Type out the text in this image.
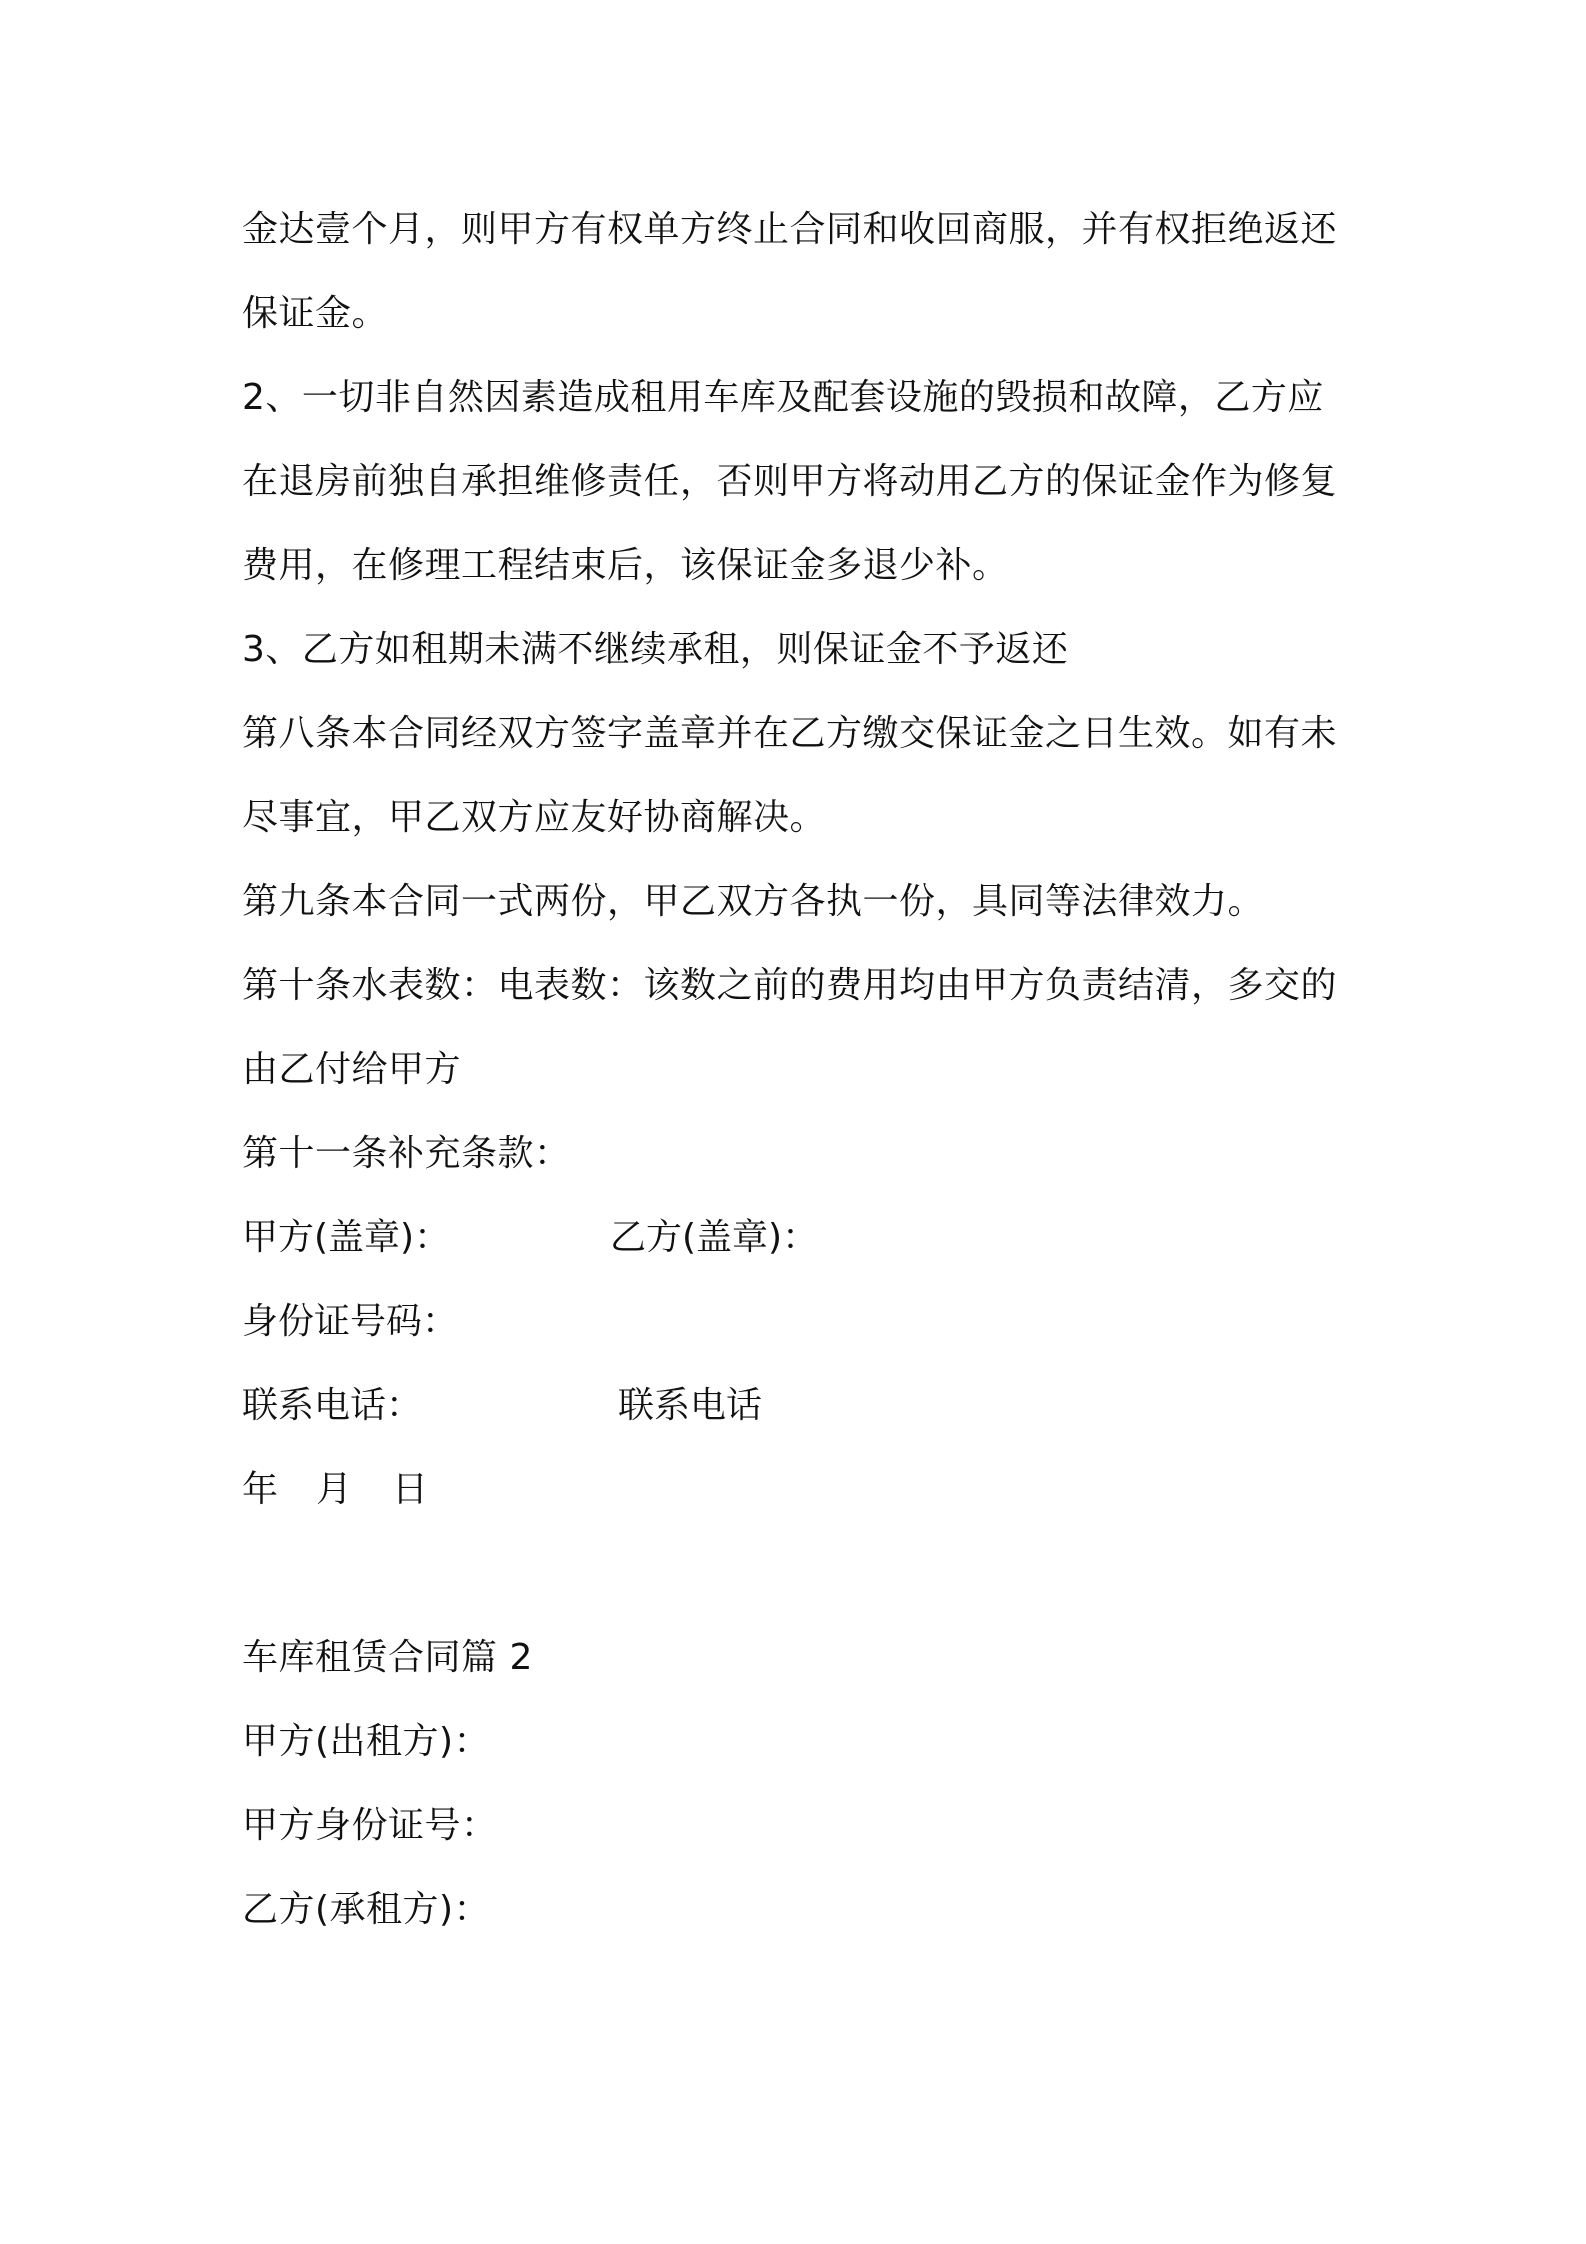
金达壹个月，则甲方有权单方终止合同和收回商服，并有权拒绝返还
保证金。
2、一切非自然因素造成租用车库及配套设施的毁损和故障，乙方应
在退房前独自承担维修责任，否则甲方将动用乙方的保证金作为修复
费用，在修理工程结束后，该保证金多退少补。
3、乙方如租期未满不继续承租，则保证金不予返还
第八条本合同经双方签字盖章并在乙方缴交保证金之日生效。如有未
尽事宜，甲乙双方应友好协商解决。
第九条本合同一式两份，甲乙双方各执一份，具同等法律效力。
第十条水表数：电表数：该数之前的费用均由甲方负责结清，多交的
由乙付给甲方
第十一条补充条款：
甲方(盖章)：	乙方(盖章)：
身份证号码：
联系电话：	联系电话
年 月 日
车库租赁合同篇 2
甲方(出租方)：
甲方身份证号：
乙方(承租方)：
